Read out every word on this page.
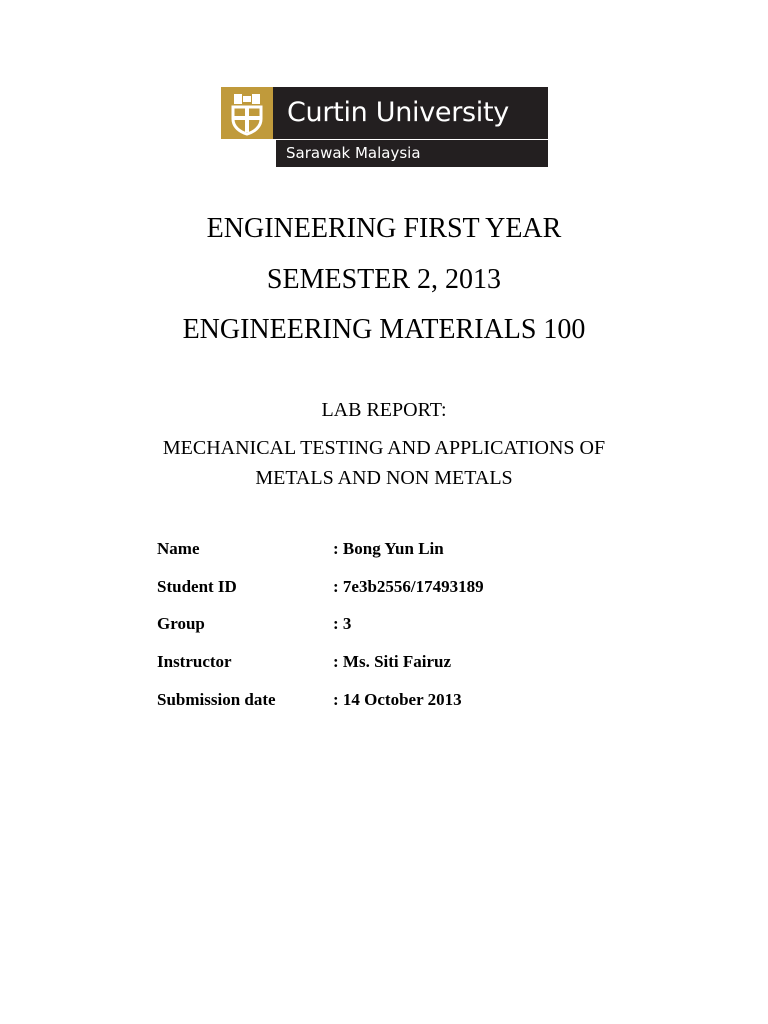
Curtin University
Sarawak Malaysia
ENGINEERING FIRST YEAR
SEMESTER 2, 2013
ENGINEERING MATERIALS 100
LAB REPORT:
MECHANICAL TESTING AND APPLICATIONS OF
METALS AND NON METALS
Name	: Bong Yun Lin
Student ID	: 7e3b2556/17493189
Group	: 3
Instructor	: Ms. Siti Fairuz
Submission date	: 14 October 2013
